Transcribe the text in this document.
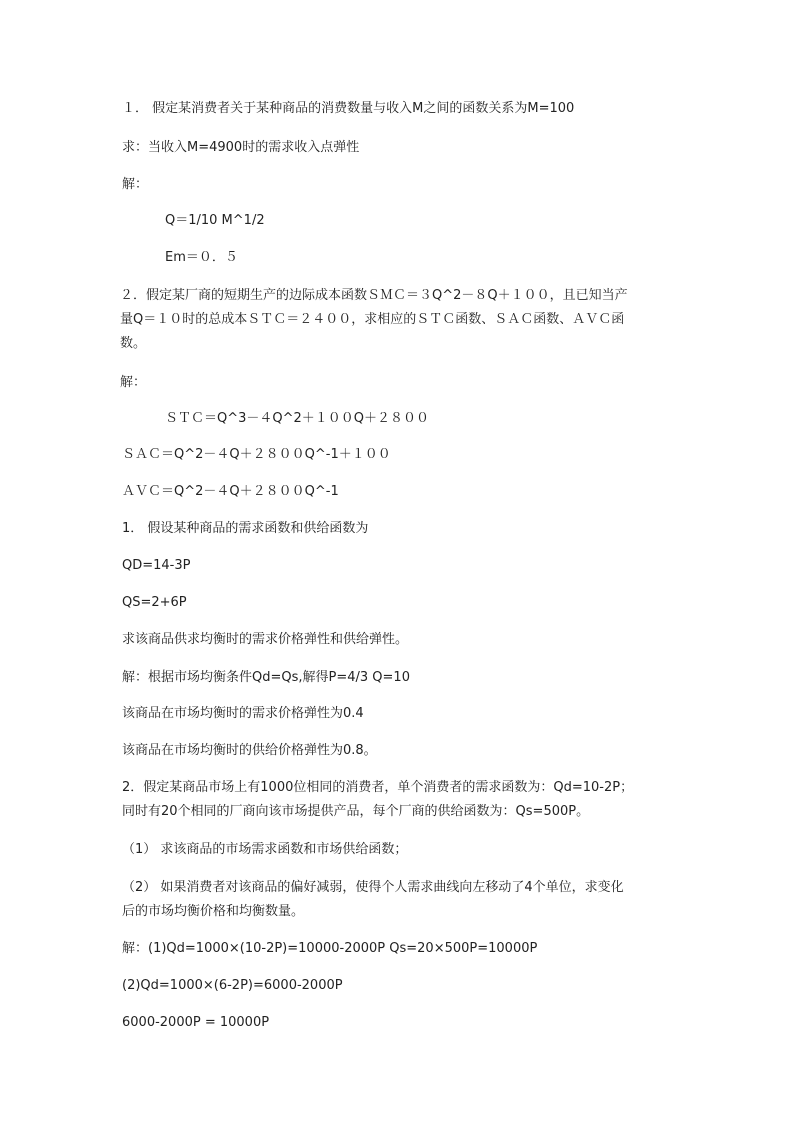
１． 假定某消费者关于某种商品的消费数量与收入M之间的函数关系为M=100
求：当收入M=4900时的需求收入点弹性
解：
Q＝1/10 M^1/2
Em＝０．５
２．假定某厂商的短期生产的边际成本函数ＳＭＣ＝３Q^2－８Q＋１００，且已知当产
量Q＝１０时的总成本ＳＴＣ＝２４００，求相应的ＳＴＣ函数、ＳＡＣ函数、ＡＶＣ函
数。
解：
ＳＴＣ＝Q^3－４Q^2＋１００Q＋２８００
ＳＡＣ＝Q^2－４Q＋２８００Q^-1＋１００
ＡＶＣ＝Q^2－４Q＋２８００Q^-1
1． 假设某种商品的需求函数和供给函数为
QD=14-3P
QS=2+6P
求该商品供求均衡时的需求价格弹性和供给弹性。
解：根据市场均衡条件Qd=Qs,解得P=4/3 Q=10
该商品在市场均衡时的需求价格弹性为0.4
该商品在市场均衡时的供给价格弹性为0.8。
2．假定某商品市场上有1000位相同的消费者，单个消费者的需求函数为：Qd=10-2P；
同时有20个相同的厂商向该市场提供产品，每个厂商的供给函数为：Qs=500P。
（1） 求该商品的市场需求函数和市场供给函数；
（2） 如果消费者对该商品的偏好减弱，使得个人需求曲线向左移动了4个单位，求变化
后的市场均衡价格和均衡数量。
解：(1)Qd=1000×(10-2P)=10000-2000P Qs=20×500P=10000P
(2)Qd=1000×(6-2P)=6000-2000P
6000-2000P = 10000P
